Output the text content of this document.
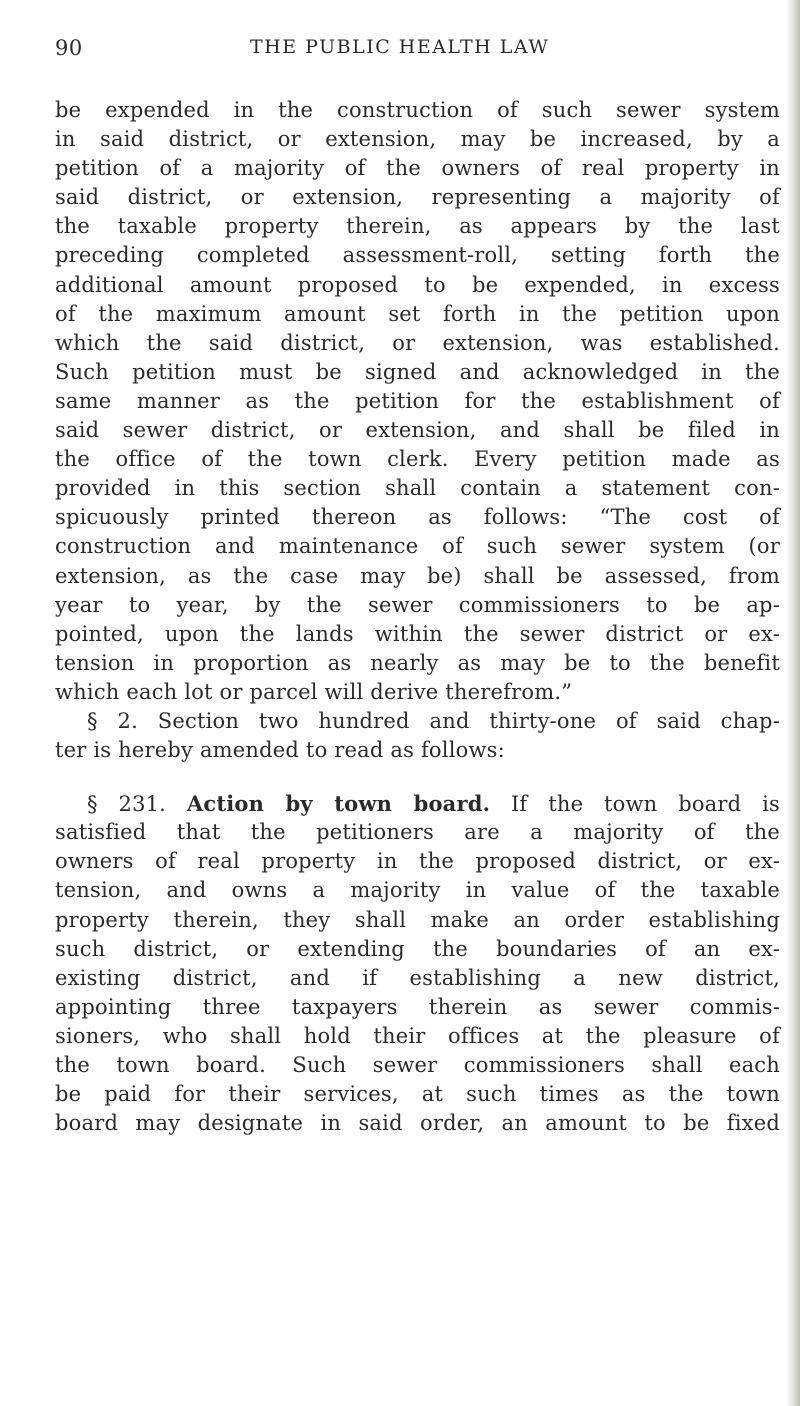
90	THE PUBLIC HEALTH LAW
be expended in the construction of such sewer system
in said district, or extension, may be increased, by a
petition of a majority of the owners of real property in
said district, or extension, representing a majority of
the taxable property therein, as appears by the last
preceding completed assessment-roll, setting forth the
additional amount proposed to be expended, in excess
of the maximum amount set forth in the petition upon
which the said district, or extension, was established.
Such petition must be signed and acknowledged in the
same manner as the petition for the establishment of
said sewer district, or extension, and shall be filed in
the office of the town clerk. Every petition made as
provided in this section shall contain a statement con-
spicuously printed thereon as follows: “The cost of
construction and maintenance of such sewer system (or
extension, as the case may be) shall be assessed, from
year to year, by the sewer commissioners to be ap-
pointed, upon the lands within the sewer district or ex-
tension in proportion as nearly as may be to the benefit
which each lot or parcel will derive therefrom.”
§ 2. Section two hundred and thirty-one of said chap-
ter is hereby amended to read as follows:
§ 231. Action by town board. If the town board is
satisfied that the petitioners are a majority of the
owners of real property in the proposed district, or ex-
tension, and owns a majority in value of the taxable
property therein, they shall make an order establishing
such district, or extending the boundaries of an ex-
existing district, and if establishing a new district,
appointing three taxpayers therein as sewer commis-
sioners, who shall hold their offices at the pleasure of
the town board. Such sewer commissioners shall each
be paid for their services, at such times as the town
board may designate in said order, an amount to be fixed
